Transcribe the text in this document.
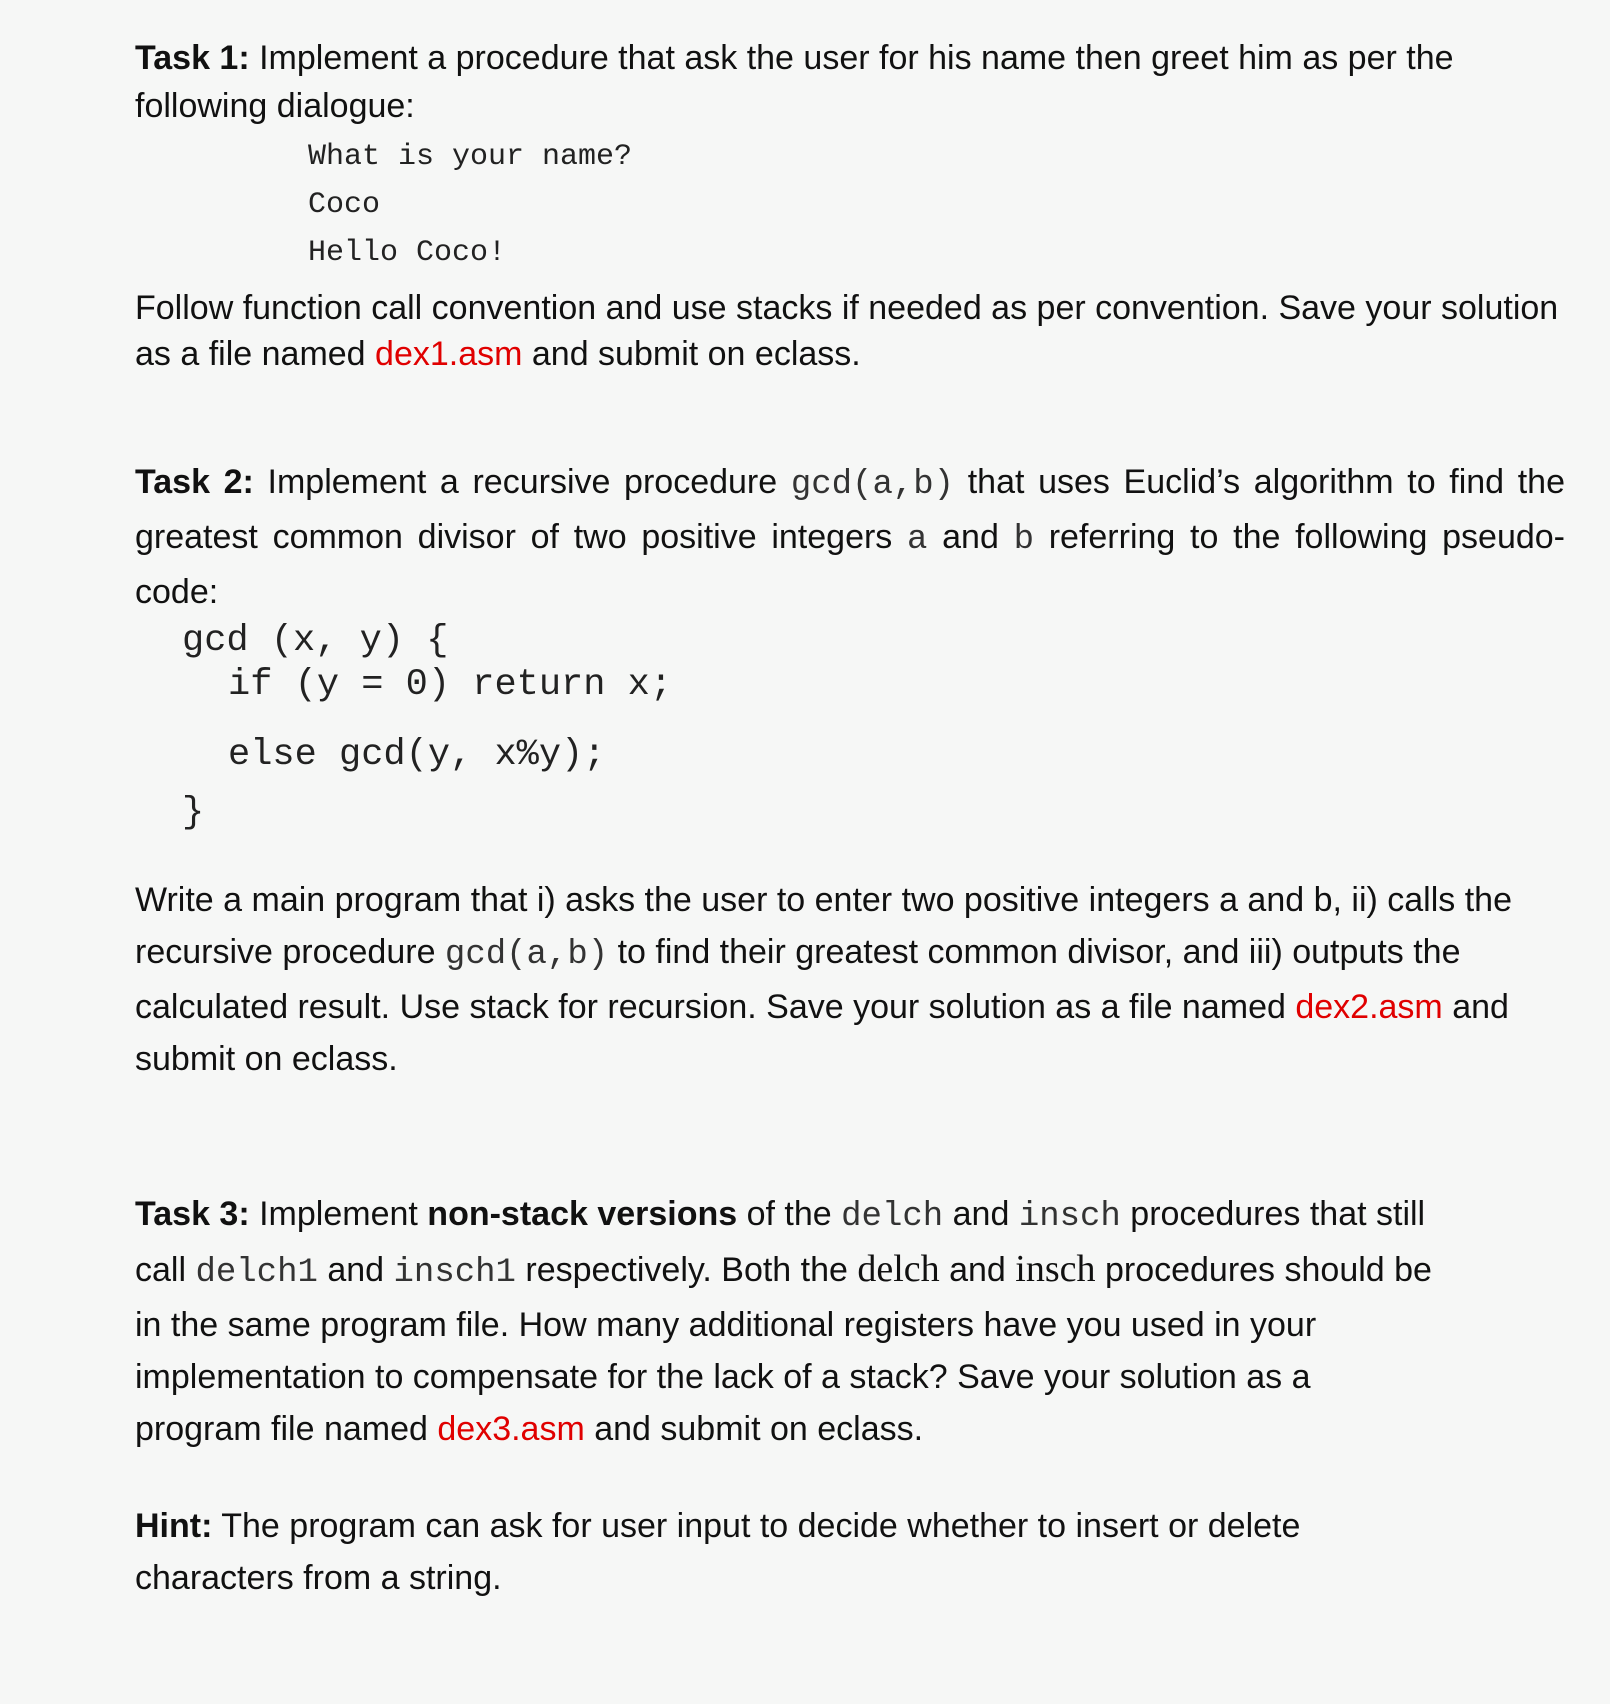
Task 1: Implement a procedure that ask the user for his name then greet him as per the following dialogue:

What is your name?

Coco

Hello Coco!

Follow function call convention and use stacks if needed as per convention. Save your solution as a file named dex1.asm and submit on eclass.

Task 2: Implement a recursive procedure gcd(a,b) that uses Euclid’s algorithm to find the greatest common divisor of two positive integers a and b referring to the following pseudo-code:

gcd (x, y) {

if (y = 0) return x;

else gcd(y, x%y);

}

Write a main program that i) asks the user to enter two positive integers a and b, ii) calls the recursive procedure gcd(a,b) to find their greatest common divisor, and iii) outputs the calculated result. Use stack for recursion. Save your solution as a file named dex2.asm and submit on eclass.

Task 3: Implement non-stack versions of the delch and insch procedures that still call delch1 and insch1 respectively. Both the delch and insch procedures should be in the same program file. How many additional registers have you used in your implementation to compensate for the lack of a stack? Save your solution as a program file named dex3.asm and submit on eclass.

Hint: The program can ask for user input to decide whether to insert or delete characters from a string.
